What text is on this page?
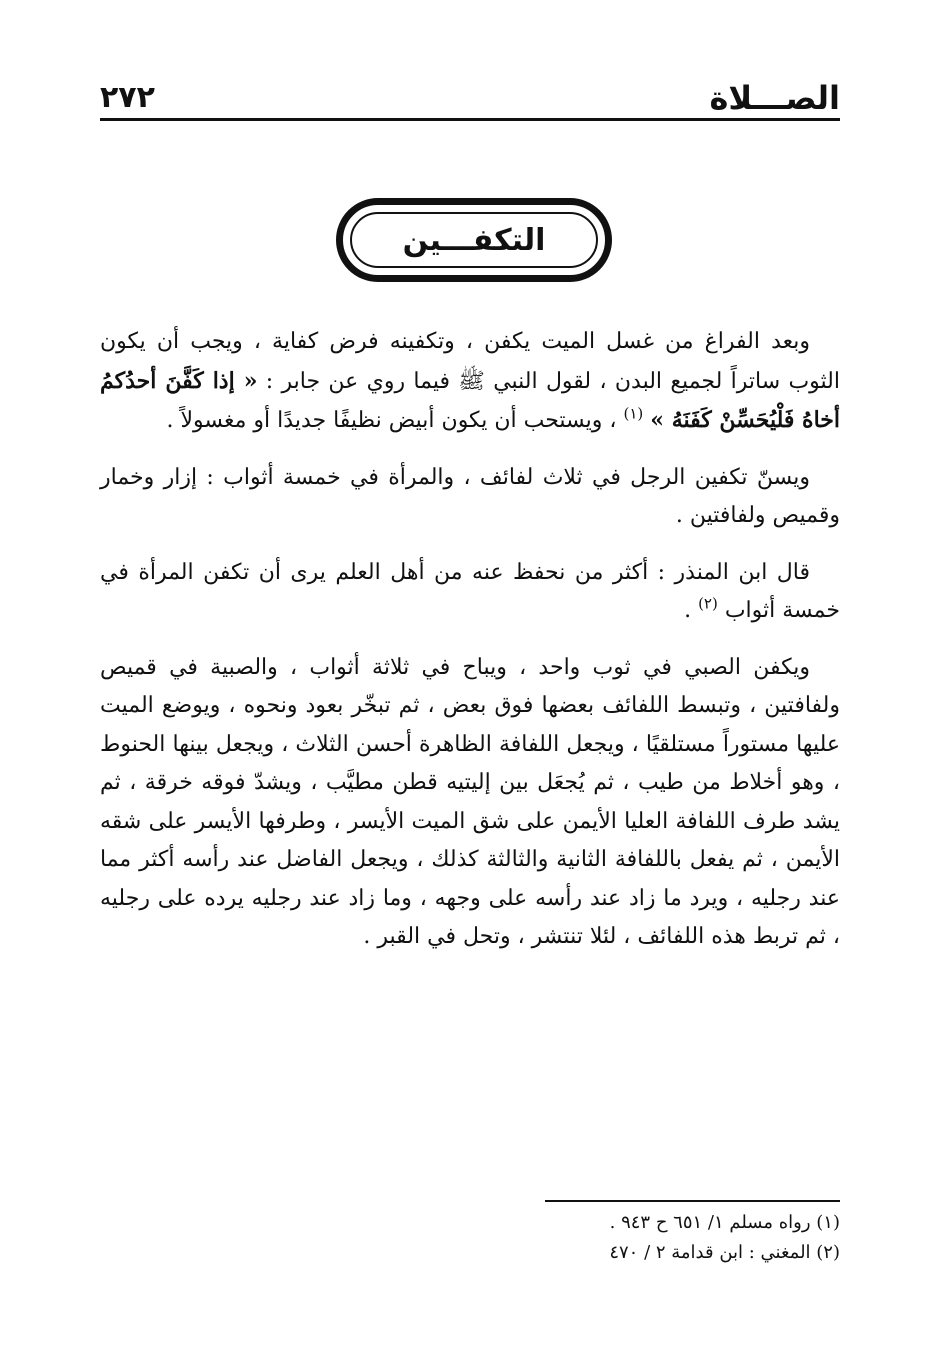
الصـــلاة
٢٧٢
التكفـــين

وبعد الفراغ من غسل الميت يكفن ، وتكفينه فرض كفاية ، ويجب أن يكون الثوب ساتراً لجميع البدن ، لقول النبي ﷺ فيما روي عن جابر : « إذا كَفَّنَ أحدُكمُ أخاهُ فَلْيُحَسِّنْ كَفَنَهُ » $^{(١)}$ ، ويستحب أن يكون أبيض نظيفًا جديدًا أو مغسولاً .

ويسنّ تكفين الرجل في ثلاث لفائف ، والمرأة في خمسة أثواب : إزار وخمار وقميص ولفافتين .

قال ابن المنذر : أكثر من نحفظ عنه من أهل العلم يرى أن تكفن المرأة في خمسة أثواب $^{(٢)}$ .

ويكفن الصبي في ثوب واحد ، ويباح في ثلاثة أثواب ، والصبية في قميص ولفافتين ، وتبسط اللفائف بعضها فوق بعض ، ثم تبخّر بعود ونحوه ، ويوضع الميت عليها مستوراً مستلقيًا ، ويجعل اللفافة الظاهرة أحسن الثلاث ، ويجعل بينها الحنوط ، وهو أخلاط من طيب ، ثم يُجعَل بين إليتيه قطن مطيَّب ، ويشدّ فوقه خرقة ، ثم يشد طرف اللفافة العليا الأيمن على شق الميت الأيسر ، وطرفها الأيسر على شقه الأيمن ، ثم يفعل باللفافة الثانية والثالثة كذلك ، ويجعل الفاضل عند رأسه أكثر مما عند رجليه ، ويرد ما زاد عند رأسه على وجهه ، وما زاد عند رجليه يرده على رجليه ، ثم تربط هذه اللفائف ، لئلا تنتشر ، وتحل في القبر .

(١) رواه مسلم ١/ ٦٥١ ح ٩٤٣ .
(٢) المغني : ابن قدامة ٢ / ٤٧٠
